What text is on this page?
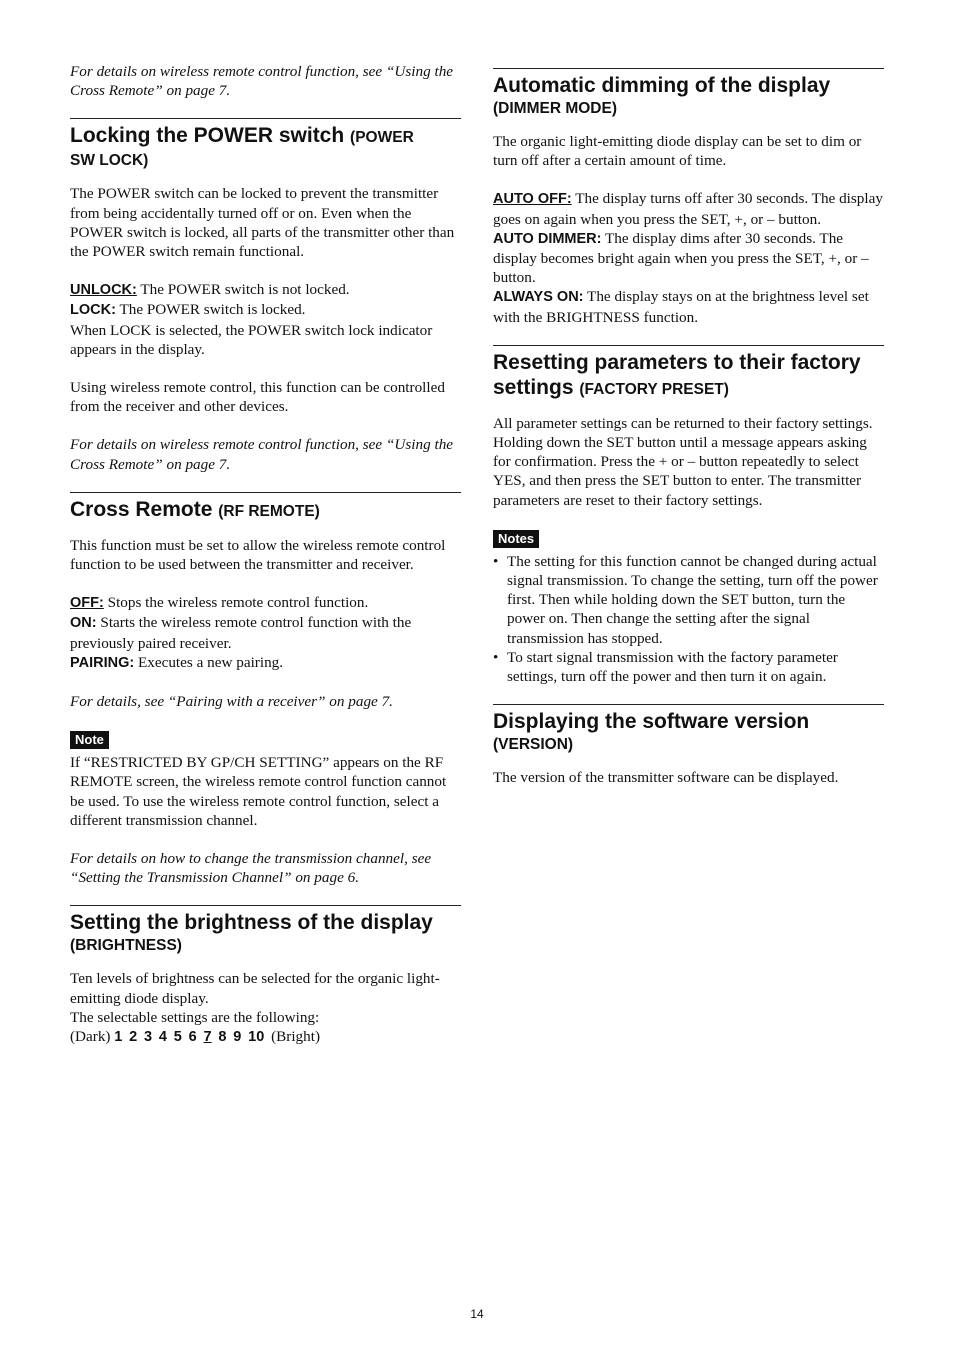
For details on wireless remote control function, see “Using the Cross Remote” on page 7.

Locking the POWER switch (POWER
SW LOCK)

The POWER switch can be locked to prevent the transmitter from being accidentally turned off or on. Even when the POWER switch is locked, all parts of the transmitter other than the POWER switch remain functional.

UNLOCK: The POWER switch is not locked.

LOCK: The POWER switch is locked.

When LOCK is selected, the POWER switch lock indicator appears in the display.

Using wireless remote control, this function can be controlled from the receiver and other devices.

For details on wireless remote control function, see “Using the Cross Remote” on page 7.

Cross Remote (RF REMOTE)

This function must be set to allow the wireless remote control function to be used between the transmitter and receiver.

OFF: Stops the wireless remote control function.

ON: Starts the wireless remote control function with the previously paired receiver.

PAIRING: Executes a new pairing.

For details, see “Pairing with a receiver” on page 7.

Note

If “RESTRICTED BY GP/CH SETTING” appears on the RF REMOTE screen, the wireless remote control function cannot be used. To use the wireless remote control function, select a different transmission channel.

For details on how to change the transmission channel, see “Setting the Transmission Channel” on page 6.

Setting the brightness of the display
(BRIGHTNESS)

Ten levels of brightness can be selected for the organic light-emitting diode display.

The selectable settings are the following:

(Dark) 1 2 3 4 5 6 7 8 9 10 (Bright)

Automatic dimming of the display
(DIMMER MODE)

The organic light-emitting diode display can be set to dim or turn off after a certain amount of time.

AUTO OFF: The display turns off after 30 seconds. The display goes on again when you press the SET, +, or – button.

AUTO DIMMER: The display dims after 30 seconds. The display becomes bright again when you press the SET, +, or – button.

ALWAYS ON: The display stays on at the brightness level set with the BRIGHTNESS function.

Resetting parameters to their factory
settings (FACTORY PRESET)

All parameter settings can be returned to their factory settings.

Holding down the SET button until a message appears asking for confirmation. Press the + or – button repeatedly to select YES, and then press the SET button to enter. The transmitter parameters are reset to their factory settings.

Notes

• The setting for this function cannot be changed during actual signal transmission. To change the setting, turn off the power first. Then while holding down the SET button, turn the power on. Then change the setting after the signal transmission has stopped.

• To start signal transmission with the factory parameter settings, turn off the power and then turn it on again.

Displaying the software version
(VERSION)

The version of the transmitter software can be displayed.

14
